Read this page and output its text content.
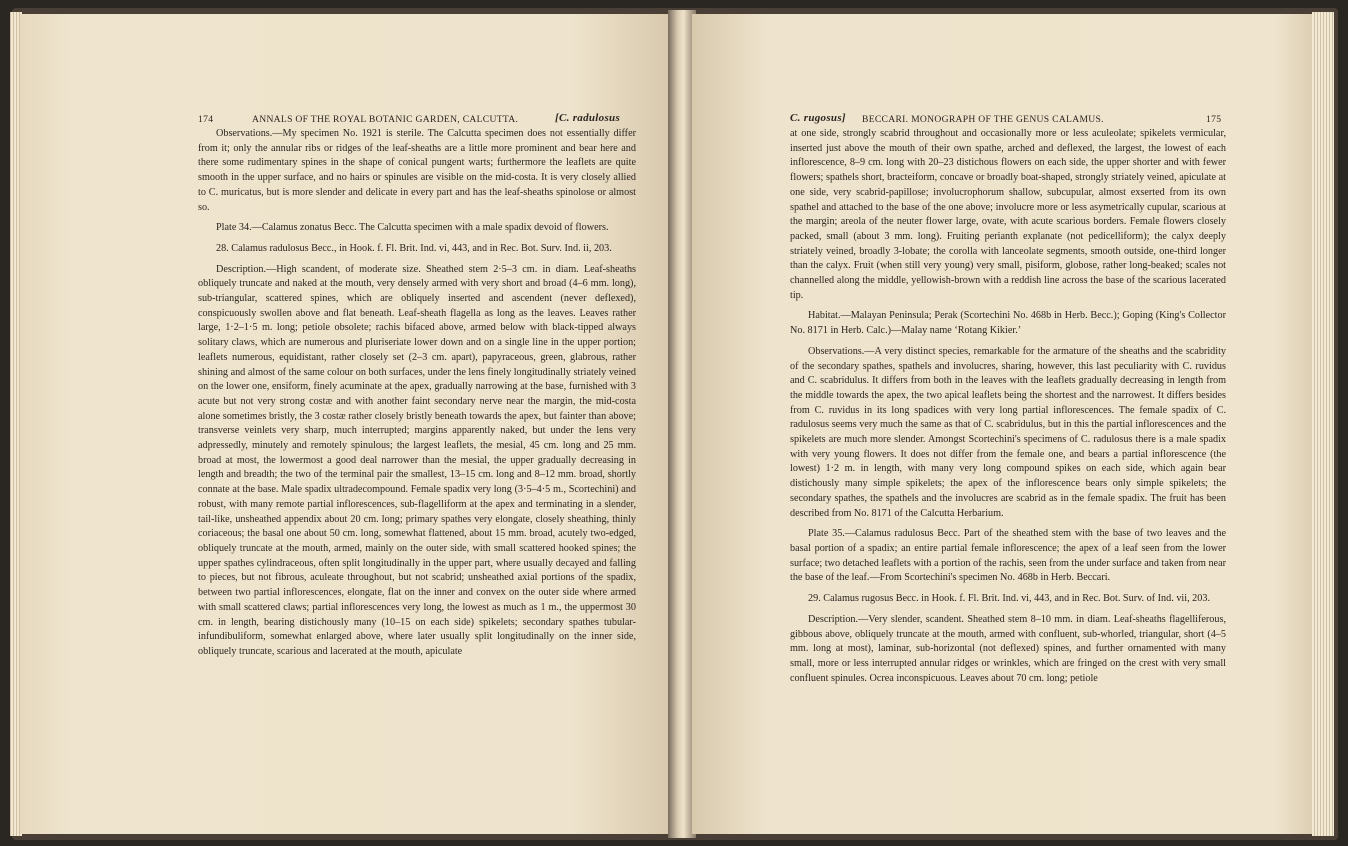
174	ANNALS OF THE ROYAL BOTANIC GARDEN, CALCUTTA.	[C. radulosus

Observations.—My specimen No. 1921 is sterile. The Calcutta specimen does not essentially differ from it; only the annular ribs or ridges of the leaf-sheaths are a little more prominent and bear here and there some rudimentary spines in the shape of conical pungent warts; furthermore the leaflets are quite smooth in the upper surface, and no hairs or spinules are visible on the mid-costa. It is very closely allied to C. muricatus, but is more slender and delicate in every part and has the leaf-sheaths spinolose or almost so.

Plate 34.—Calamus zonatus Becc. The Calcutta specimen with a male spadix devoid of flowers.

28. Calamus radulosus Becc., in Hook. f. Fl. Brit. Ind. vi, 443, and in Rec. Bot. Surv. Ind. ii, 203.

Description.—High scandent, of moderate size. Sheathed stem 2·5–3 cm. in diam. Leaf-sheaths obliquely truncate and naked at the mouth, very densely armed with very short and broad (4–6 mm. long), sub-triangular, scattered spines, which are obliquely inserted and ascendent (never deflexed), conspicuously swollen above and flat beneath. Leaf-sheath flagella as long as the leaves. Leaves rather large, 1·2–1·5 m. long; petiole obsolete; rachis bifaced above, armed below with black-tipped always solitary claws, which are numerous and pluriseriate lower down and on a single line in the upper portion; leaflets numerous, equidistant, rather closely set (2–3 cm. apart), papyraceous, green, glabrous, rather shining and almost of the same colour on both surfaces, under the lens finely longitudinally striately veined on the lower one, ensiform, finely acuminate at the apex, gradually narrowing at the base, furnished with 3 acute but not very strong costæ and with another faint secondary nerve near the margin, the mid-costa alone sometimes bristly, the 3 costæ rather closely bristly beneath towards the apex, but fainter than above; transverse veinlets very sharp, much interrupted; margins apparently naked, but under the lens very adpressedly, minutely and remotely spinulous; the largest leaflets, the mesial, 45 cm. long and 25 mm. broad at most, the lowermost a good deal narrower than the mesial, the upper gradually decreasing in length and breadth; the two of the terminal pair the smallest, 13–15 cm. long and 8–12 mm. broad, shortly connate at the base. Male spadix ultradecompound. Female spadix very long (3·5–4·5 m., Scortechini) and robust, with many remote partial inflorescences, sub-flagelliform at the apex and terminating in a slender, tail-like, unsheathed appendix about 20 cm. long; primary spathes very elongate, closely sheathing, thinly coriaceous; the basal one about 50 cm. long, somewhat flattened, about 15 mm. broad, acutely two-edged, obliquely truncate at the mouth, armed, mainly on the outer side, with small scattered hooked spines; the upper spathes cylindraceous, often split longitudinally in the upper part, where usually decayed and falling to pieces, but not fibrous, aculeate throughout, but not scabrid; unsheathed axial portions of the spadix, between two partial inflorescences, elongate, flat on the inner and convex on the outer side where armed with small scattered claws; partial inflorescences very long, the lowest as much as 1 m., the uppermost 30 cm. in length, bearing distichously many (10–15 on each side) spikelets; secondary spathes tubular-infundibuliform, somewhat enlarged above, where later usually split longitudinally on the inner side, obliquely truncate, scarious and lacerated at the mouth, apiculate

C. rugosus] BECCARI. MONOGRAPH OF THE GENUS CALAMUS.	175

at one side, strongly scabrid throughout and occasionally more or less aculeolate; spikelets vermicular, inserted just above the mouth of their own spathe, arched and deflexed, the largest, the lowest of each inflorescence, 8–9 cm. long with 20–23 distichous flowers on each side, the upper shorter and with fewer flowers; spathels short, bracteiform, concave or broadly boat-shaped, strongly striately veined, apiculate at one side, very scabrid-papillose; involucrophorum shallow, subcupular, almost exserted from its own spathel and attached to the base of the one above; involucre more or less asymetrically cupular, scarious at the margin; areola of the neuter flower large, ovate, with acute scarious borders. Female flowers closely packed, small (about 3 mm. long). Fruiting perianth explanate (not pedicelliform); the calyx deeply striately veined, broadly 3-lobate; the corolla with lanceolate segments, smooth outside, one-third longer than the calyx. Fruit (when still very young) very small, pisiform, globose, rather long-beaked; scales not channelled along the middle, yellowish-brown with a reddish line across the base of the scarious lacerated tip.

Habitat.—Malayan Peninsula; Perak (Scortechini No. 468b in Herb. Becc.); Goping (King's Collector No. 8171 in Herb. Calc.)—Malay name ‘Rotang Kikier.’

Observations.—A very distinct species, remarkable for the armature of the sheaths and the scabridity of the secondary spathes, spathels and involucres, sharing, however, this last peculiarity with C. ruvidus and C. scabridulus. It differs from both in the leaves with the leaflets gradually decreasing in length from the middle towards the apex, the two apical leaflets being the shortest and the narrowest. It differs besides from C. ruvidus in its long spadices with very long partial inflorescences. The female spadix of C. radulosus seems very much the same as that of C. scabridulus, but in this the partial inflorescences and the spikelets are much more slender. Amongst Scortechini's specimens of C. radulosus there is a male spadix with very young flowers. It does not differ from the female one, and bears a partial inflorescence (the lowest) 1·2 m. in length, with many very long compound spikes on each side, which again bear distichously many simple spikelets; the apex of the inflorescence bears only simple spikelets; the secondary spathes, the spathels and the involucres are scabrid as in the female spadix. The fruit has been described from No. 8171 of the Calcutta Herbarium.

Plate 35.—Calamus radulosus Becc. Part of the sheathed stem with the base of two leaves and the basal portion of a spadix; an entire partial female inflorescence; the apex of a leaf seen from the lower surface; two detached leaflets with a portion of the rachis, seen from the under surface and taken from near the base of the leaf.—From Scortechini's specimen No. 468b in Herb. Beccari.

29. Calamus rugosus Becc. in Hook. f. Fl. Brit. Ind. vi, 443, and in Rec. Bot. Surv. of Ind. vii, 203.

Description.—Very slender, scandent. Sheathed stem 8–10 mm. in diam. Leaf-sheaths flagelliferous, gibbous above, obliquely truncate at the mouth, armed with confluent, sub-whorled, triangular, short (4–5 mm. long at most), laminar, sub-horizontal (not deflexed) spines, and further ornamented with many small, more or less interrupted annular ridges or wrinkles, which are fringed on the crest with very small confluent spinules. Ocrea inconspicuous. Leaves about 70 cm. long; petiole
